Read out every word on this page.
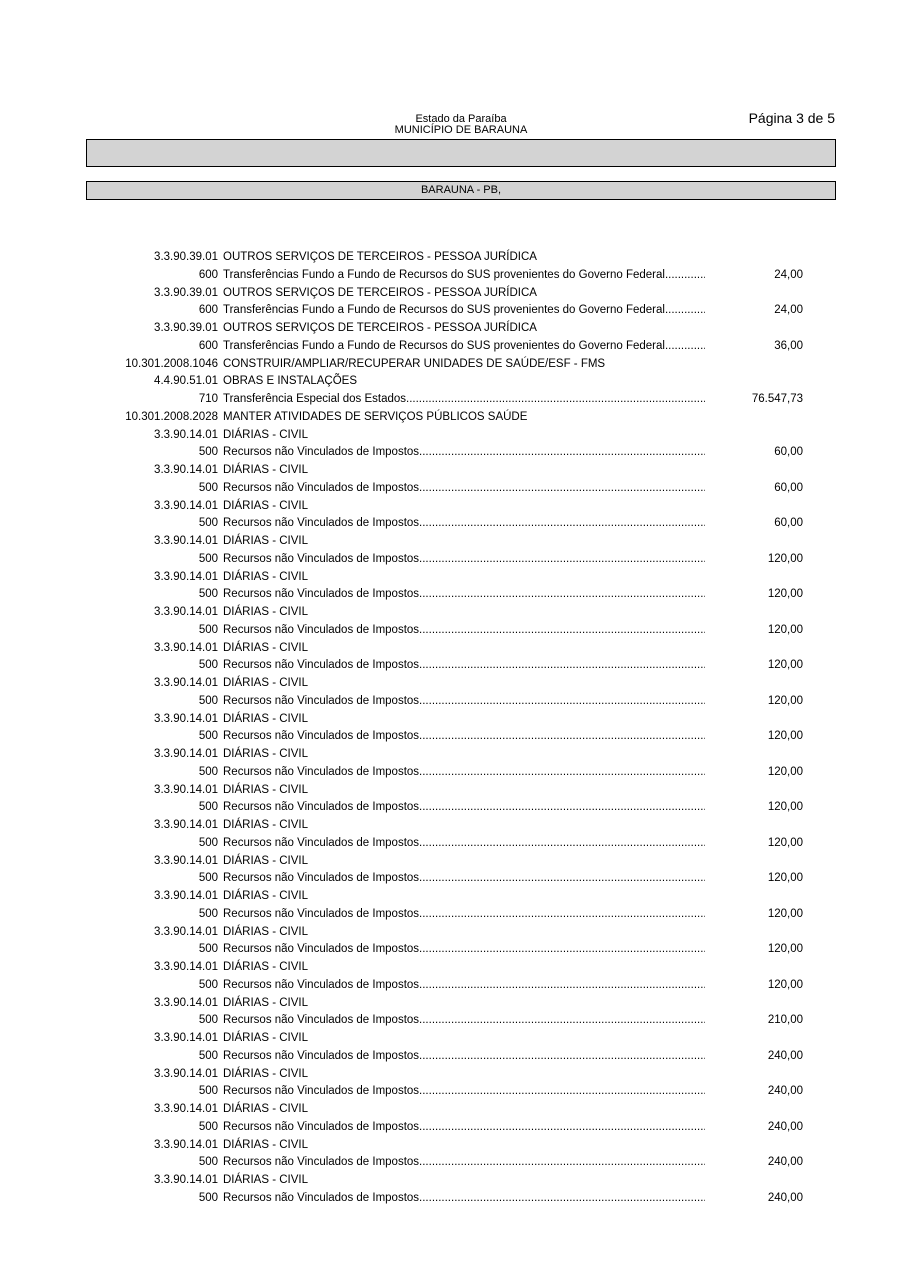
Estado da Paraíba
MUNICÍPIO DE BARAUNA
Página 3 de 5
BARAUNA - PB,
3.3.90.39.01 OUTROS SERVIÇOS DE TERCEIROS - PESSOA JURÍDICA
600 Transferências Fundo a Fundo de Recursos do SUS provenientes do Governo Federal .....	24,00
3.3.90.39.01 OUTROS SERVIÇOS DE TERCEIROS - PESSOA JURÍDICA
600 Transferências Fundo a Fundo de Recursos do SUS provenientes do Governo Federal .....	24,00
3.3.90.39.01 OUTROS SERVIÇOS DE TERCEIROS - PESSOA JURÍDICA
600 Transferências Fundo a Fundo de Recursos do SUS provenientes do Governo Federal .....	36,00
10.301.2008.1046 CONSTRUIR/AMPLIAR/RECUPERAR UNIDADES DE SAÚDE/ESF - FMS
4.4.90.51.01 OBRAS E INSTALAÇÕES
710 Transferência Especial dos Estados .....	76.547,73
10.301.2008.2028 MANTER ATIVIDADES DE SERVIÇOS PÚBLICOS SAÚDE
3.3.90.14.01 DIÁRIAS - CIVIL
500 Recursos não Vinculados de Impostos .....	60,00
3.3.90.14.01 DIÁRIAS - CIVIL
500 Recursos não Vinculados de Impostos .....	60,00
3.3.90.14.01 DIÁRIAS - CIVIL
500 Recursos não Vinculados de Impostos .....	60,00
3.3.90.14.01 DIÁRIAS - CIVIL
500 Recursos não Vinculados de Impostos .....	120,00
3.3.90.14.01 DIÁRIAS - CIVIL
500 Recursos não Vinculados de Impostos .....	120,00
3.3.90.14.01 DIÁRIAS - CIVIL
500 Recursos não Vinculados de Impostos .....	120,00
3.3.90.14.01 DIÁRIAS - CIVIL
500 Recursos não Vinculados de Impostos .....	120,00
3.3.90.14.01 DIÁRIAS - CIVIL
500 Recursos não Vinculados de Impostos .....	120,00
3.3.90.14.01 DIÁRIAS - CIVIL
500 Recursos não Vinculados de Impostos .....	120,00
3.3.90.14.01 DIÁRIAS - CIVIL
500 Recursos não Vinculados de Impostos .....	120,00
3.3.90.14.01 DIÁRIAS - CIVIL
500 Recursos não Vinculados de Impostos .....	120,00
3.3.90.14.01 DIÁRIAS - CIVIL
500 Recursos não Vinculados de Impostos .....	120,00
3.3.90.14.01 DIÁRIAS - CIVIL
500 Recursos não Vinculados de Impostos .....	120,00
3.3.90.14.01 DIÁRIAS - CIVIL
500 Recursos não Vinculados de Impostos .....	120,00
3.3.90.14.01 DIÁRIAS - CIVIL
500 Recursos não Vinculados de Impostos .....	120,00
3.3.90.14.01 DIÁRIAS - CIVIL
500 Recursos não Vinculados de Impostos .....	120,00
3.3.90.14.01 DIÁRIAS - CIVIL
500 Recursos não Vinculados de Impostos .....	210,00
3.3.90.14.01 DIÁRIAS - CIVIL
500 Recursos não Vinculados de Impostos .....	240,00
3.3.90.14.01 DIÁRIAS - CIVIL
500 Recursos não Vinculados de Impostos .....	240,00
3.3.90.14.01 DIÁRIAS - CIVIL
500 Recursos não Vinculados de Impostos .....	240,00
3.3.90.14.01 DIÁRIAS - CIVIL
500 Recursos não Vinculados de Impostos .....	240,00
3.3.90.14.01 DIÁRIAS - CIVIL
500 Recursos não Vinculados de Impostos .....	240,00
